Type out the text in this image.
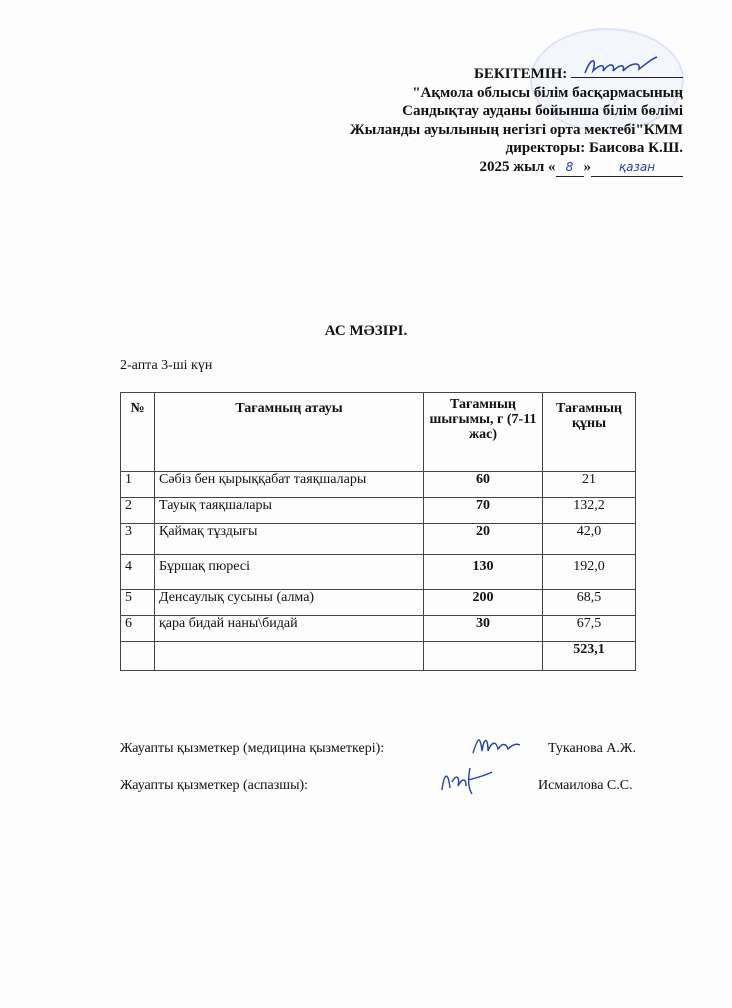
БЕКІТЕМІН:
"Ақмола облысы білім басқармасының
Сандықтау ауданы бойынша білім бөлімі
Жыланды ауылының негізгі орта мектебі"КММ
директоры: Баисова К.Ш.
2025 жыл « 8 » қазан
АС МӘЗІРІ.
2-апта 3-ші күн
№	Тағамның атауы	Тағамның шығымы, г (7-11 жас)	Тағамның құны
1	Сәбіз бен қырыққабат таяқшалары	60	21
2	Тауық таяқшалары	70	132,2
3	Қаймақ тұздығы	20	42,0
4	Бұршақ пюресі	130	192,0
5	Денсаулық сусыны (алма)	200	68,5
6	қара бидай наны\бидай	30	67,5
			523,1
Жауапты қызметкер (медицина қызметкері):	Туканова А.Ж.
Жауапты қызметкер (аспазшы):	Исмаилова С.С.
